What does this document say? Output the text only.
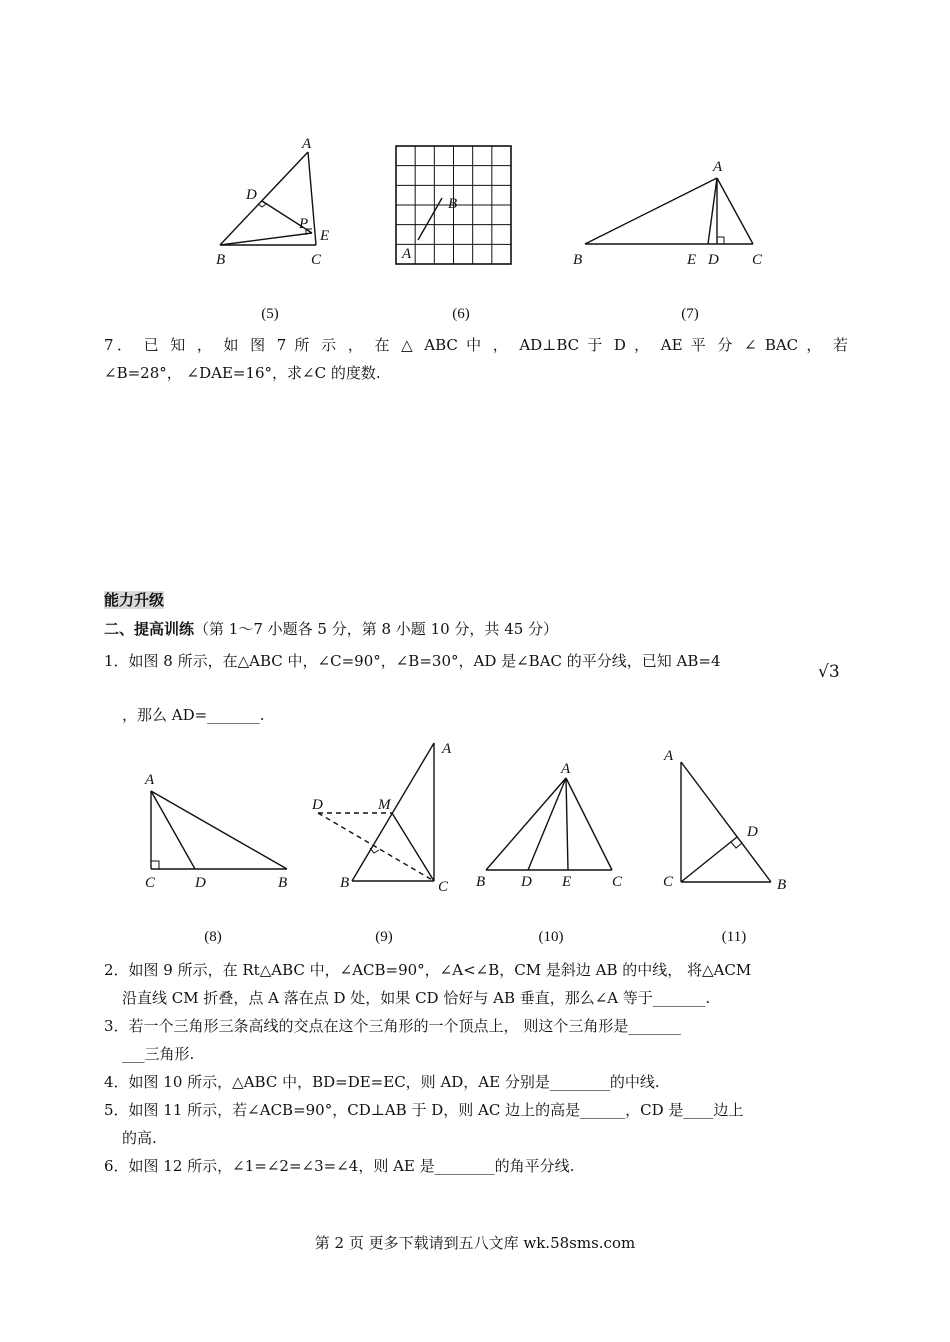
A
D
P
E
B	C
B
A
A
B	E D C
(5)	(6)	(7)
7． 已 知 ， 如 图 7 所 示 ， 在 △ ABC 中 ， AD⊥BC 于 D ， AE 平 分 ∠ BAC ， 若
∠B=28°， ∠DAE=16°，求∠C 的度数.
能力升级
二、提高训练（第 1～7 小题各 5 分，第 8 小题 10 分，共 45 分）
1．如图 8 所示，在△ABC 中，∠C=90°，∠B=30°，AD 是∠BAC 的平分线，已知 AB=4
√3
，那么 AD=_______.
A
C	D	B
A
D	M
B	C
A
B D E	C
A
D
C	B
(8)	(9)	(10)	(11)
2．如图 9 所示，在 Rt△ABC 中，∠ACB=90°，∠A<∠B，CM 是斜边 AB 的中线， 将△ACM
沿直线 CM 折叠，点 A 落在点 D 处，如果 CD 恰好与 AB 垂直，那么∠A 等于_______.
3．若一个三角形三条高线的交点在这个三角形的一个顶点上， 则这个三角形是_______
___三角形.
4．如图 10 所示，△ABC 中，BD=DE=EC，则 AD，AE 分别是________的中线.
5．如图 11 所示，若∠ACB=90°，CD⊥AB 于 D，则 AC 边上的高是______，CD 是____边上
的高.
6．如图 12 所示，∠1=∠2=∠3=∠4，则 AE 是________的角平分线.
第 2 页 更多下载请到五八文库 wk.58sms.com
